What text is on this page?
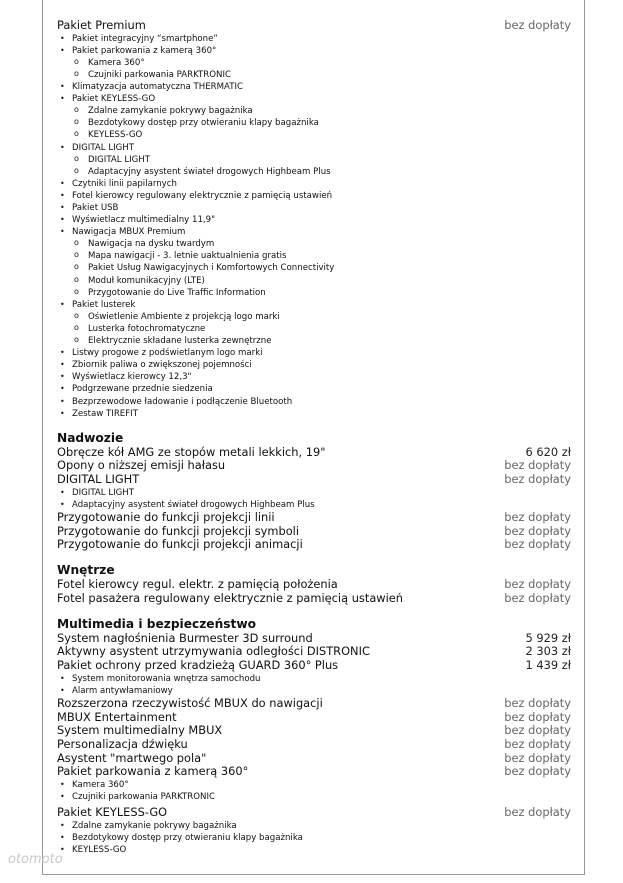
otomoto
Pakiet Premium	bez dopłaty
• Pakiet integracyjny “smartphone”
• Pakiet parkowania z kamerą 360°
o Kamera 360°
o Czujniki parkowania PARKTRONIC
• Klimatyzacja automatyczna THERMATIC
• Pakiet KEYLESS-GO
o Zdalne zamykanie pokrywy bagażnika
o Bezdotykowy dostęp przy otwieraniu klapy bagażnika
o KEYLESS-GO
• DIGITAL LIGHT
o DIGITAL LIGHT
o Adaptacyjny asystent świateł drogowych Highbeam Plus
• Czytniki linii papilarnych
• Fotel kierowcy regulowany elektrycznie z pamięcią ustawień
• Pakiet USB
• Wyświetlacz multimedialny 11,9"
• Nawigacja MBUX Premium
o Nawigacja na dysku twardym
o Mapa nawigacji - 3. letnie uaktualnienia gratis
o Pakiet Usług Nawigacyjnych i Komfortowych Connectivity
o Moduł komunikacyjny (LTE)
o Przygotowanie do Live Traffic Information
• Pakiet lusterek
o Oświetlenie Ambiente z projekcją logo marki
o Lusterka fotochromatyczne
o Elektrycznie składane lusterka zewnętrzne
• Listwy progowe z podświetlanym logo marki
• Zbiornik paliwa o zwiększonej pojemności
• Wyświetlacz kierowcy 12,3"
• Podgrzewane przednie siedzenia
• Bezprzewodowe ładowanie i podłączenie Bluetooth
• Zestaw TIREFIT
Nadwozie
Obręcze kół AMG ze stopów metali lekkich, 19"	6 620 zł
Opony o niższej emisji hałasu	bez dopłaty
DIGITAL LIGHT	bez dopłaty
• DIGITAL LIGHT
• Adaptacyjny asystent świateł drogowych Highbeam Plus
Przygotowanie do funkcji projekcji linii	bez dopłaty
Przygotowanie do funkcji projekcji symboli	bez dopłaty
Przygotowanie do funkcji projekcji animacji	bez dopłaty
Wnętrze
Fotel kierowcy regul. elektr. z pamięcią położenia	bez dopłaty
Fotel pasażera regulowany elektrycznie z pamięcią ustawień	bez dopłaty
Multimedia i bezpieczeństwo
System nagłośnienia Burmester 3D surround	5 929 zł
Aktywny asystent utrzymywania odległości DISTRONIC	2 303 zł
Pakiet ochrony przed kradzieżą GUARD 360° Plus	1 439 zł
• System monitorowania wnętrza samochodu
• Alarm antywłamaniowy
Rozszerzona rzeczywistość MBUX do nawigacji	bez dopłaty
MBUX Entertainment	bez dopłaty
System multimedialny MBUX	bez dopłaty
Personalizacja dźwięku	bez dopłaty
Asystent "martwego pola"	bez dopłaty
Pakiet parkowania z kamerą 360°	bez dopłaty
• Kamera 360°
• Czujniki parkowania PARKTRONIC
Pakiet KEYLESS-GO	bez dopłaty
• Zdalne zamykanie pokrywy bagażnika
• Bezdotykowy dostęp przy otwieraniu klapy bagażnika
• KEYLESS-GO
